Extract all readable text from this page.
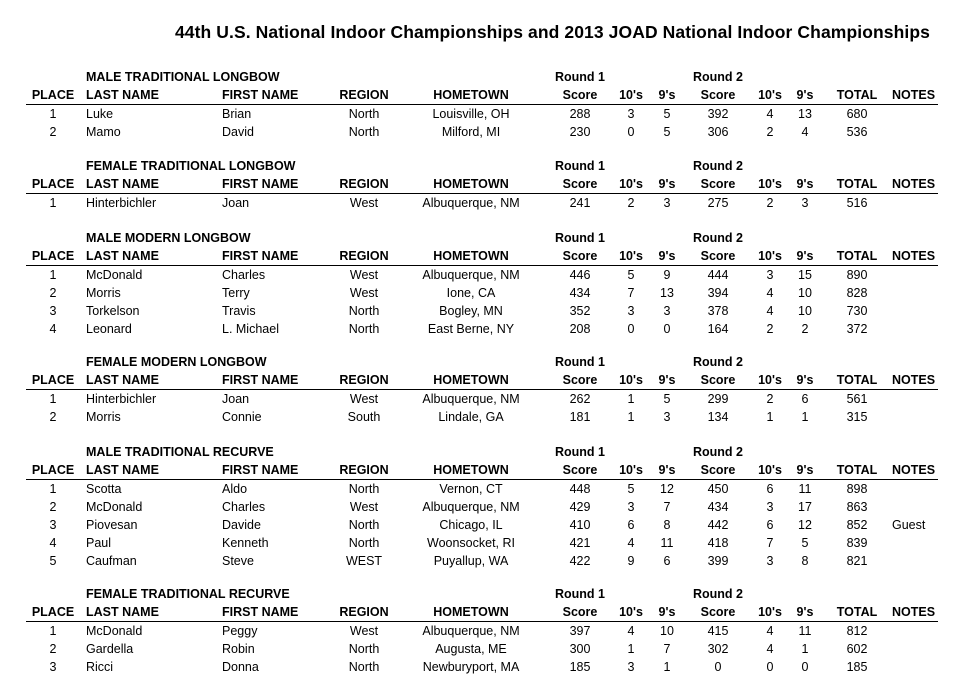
44th U.S. National Indoor Championships and 2013 JOAD National Indoor Championships
MALE TRADITIONAL LONGBOW	Round 1	Round 2
PLACE LAST NAME	FIRST NAME	REGION	HOMETOWN	Score 10's 9's Score 10's 9's TOTAL NOTES
1 Luke	Brian	North	Louisville, OH	288	3 5	392	4 13	680
2 Mamo	David	North	Milford, MI	230	0 5	306	2 4	536
FEMALE TRADITIONAL LONGBOW	Round 1	Round 2
PLACE LAST NAME	FIRST NAME	REGION	HOMETOWN	Score 10's 9's Score 10's 9's TOTAL NOTES
1 Hinterbichler	Joan	West	Albuquerque, NM	241	2 3	275	2 3	516
MALE MODERN LONGBOW	Round 1	Round 2
PLACE LAST NAME	FIRST NAME	REGION	HOMETOWN	Score 10's 9's Score 10's 9's TOTAL NOTES
1 McDonald	Charles	West	Albuquerque, NM	446	5 9	444	3 15	890
2 Morris	Terry	West	Ione, CA	434	7 13	394	4 10	828
3 Torkelson	Travis	North	Bogley, MN	352	3 3	378	4 10	730
4 Leonard	L. Michael	North	East Berne, NY	208	0 0	164	2 2	372
FEMALE MODERN LONGBOW	Round 1	Round 2
PLACE LAST NAME	FIRST NAME	REGION	HOMETOWN	Score 10's 9's Score 10's 9's TOTAL NOTES
1 Hinterbichler	Joan	West	Albuquerque, NM	262	1 5	299	2 6	561
2 Morris	Connie	South	Lindale, GA	181	1 3	134	1 1	315
MALE TRADITIONAL RECURVE	Round 1	Round 2
PLACE LAST NAME	FIRST NAME	REGION	HOMETOWN	Score 10's 9's Score 10's 9's TOTAL NOTES
1 Scotta	Aldo	North	Vernon, CT	448	5 12	450	6 11	898
2 McDonald	Charles	West	Albuquerque, NM	429	3 7	434	3 17	863
3 Piovesan	Davide	North	Chicago, IL	410	6 8	442	6 12	852 Guest
4 Paul	Kenneth	North	Woonsocket, RI	421	4 11	418	7 5	839
5 Caufman	Steve	WEST	Puyallup, WA	422	9 6	399	3 8	821
FEMALE TRADITIONAL RECURVE	Round 1	Round 2
PLACE LAST NAME	FIRST NAME	REGION	HOMETOWN	Score 10's 9's Score 10's 9's TOTAL NOTES
1 McDonald	Peggy	West	Albuquerque, NM	397	4 10	415	4 11	812
2 Gardella	Robin	North	Augusta, ME	300	1 7	302	4 1	602
3 Ricci	Donna	North	Newburyport, MA	185	3 1	0	0 0	185
